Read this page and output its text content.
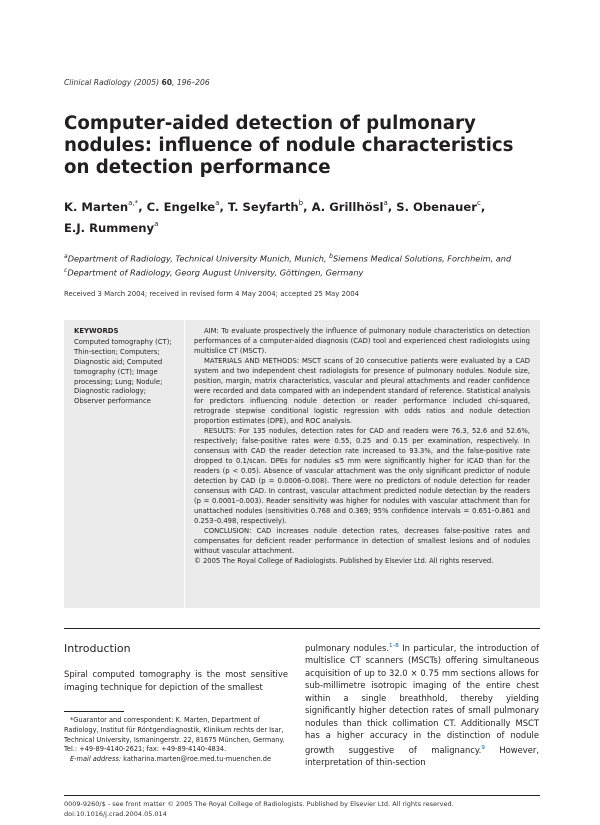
Clinical Radiology (2005) 60, 196–206
Computer-aided detection of pulmonary nodules: influence of nodule characteristics on detection performance
K. Marten$^{a,*}$, C. Engelke$^a$, T. Seyfarth$^b$, A. Grillhösl$^a$, S. Obenauer$^c$,
E.J. Rummeny$^a$
$^a$Department of Radiology, Technical University Munich, Munich, $^b$Siemens Medical Solutions, Forchheim, and $^c$Department of Radiology, Georg August University, Göttingen, Germany
Received 3 March 2004; received in revised form 4 May 2004; accepted 25 May 2004
KEYWORDS
Computed tomography (CT); Thin-section; Computers; Diagnostic aid; Computed tomography (CT); Image processing; Lung; Nodule; Diagnostic radiology; Observer performance

AIM: To evaluate prospectively the influence of pulmonary nodule characteristics on detection performances of a computer-aided diagnosis (CAD) tool and experienced chest radiologists using multislice CT (MSCT).

MATERIALS AND METHODS: MSCT scans of 20 consecutive patients were evaluated by a CAD system and two independent chest radiologists for presence of pulmonary nodules. Nodule size, position, margin, matrix characteristics, vascular and pleural attachments and reader confidence were recorded and data compared with an independent standard of reference. Statistical analysis for predictors influencing nodule detection or reader performance included chi-squared, retrograde stepwise conditional logistic regression with odds ratios and nodule detection proportion estimates (DPE), and ROC analysis.

RESULTS: For 135 nodules, detection rates for CAD and readers were 76.3, 52.6 and 52.6%, respectively; false-positive rates were 0.55, 0.25 and 0.15 per examination, respectively. In consensus with CAD the reader detection rate increased to 93.3%, and the false-positive rate dropped to 0.1/scan. DPEs for nodules ≤5 mm were significantly higher for ICAD than for the readers (p < 0.05). Absence of vascular attachment was the only significant predictor of nodule detection by CAD (p = 0.0006–0.008). There were no predictors of nodule detection for reader consensus with CAD. In contrast, vascular attachment predicted nodule detection by the readers (p = 0.0001–0.003). Reader sensitivity was higher for nodules with vascular attachment than for unattached nodules (sensitivities 0.768 and 0.369; 95% confidence intervals = 0.651–0.861 and 0.253–0.498, respectively).

CONCLUSION: CAD increases nodule detection rates, decreases false-positive rates and compensates for deficient reader performance in detection of smallest lesions and of nodules without vascular attachment.

© 2005 The Royal College of Radiologists. Published by Elsevier Ltd. All rights reserved.

Introduction

Spiral computed tomography is the most sensitive imaging technique for depiction of the smallest

*Guarantor and correspondent: K. Marten, Department of Radiology, Institut für Röntgendiagnostik, Klinikum rechts der Isar, Technical University, Ismaningerstr. 22, 81675 München, Germany. Tel.: +49-89-4140-2621; fax: +49-89-4140-4834.

E-mail address: katharina.marten@roe.med.tu-muenchen.de

pulmonary nodules.$^{1-8}$ In particular, the introduction of multislice CT scanners (MSCTs) offering simultaneous acquisition of up to 32.0 × 0.75 mm sections allows for sub-millimetre isotropic imaging of the entire chest within a single breathhold, thereby yielding significantly higher detection rates of small pulmonary nodules than thick collimation CT. Additionally MSCT has a higher accuracy in the distinction of nodule growth suggestive of malignancy.$^9$ However, interpretation of thin-section

0009-9260/$ - see front matter © 2005 The Royal College of Radiologists. Published by Elsevier Ltd. All rights reserved.
doi:10.1016/j.crad.2004.05.014
